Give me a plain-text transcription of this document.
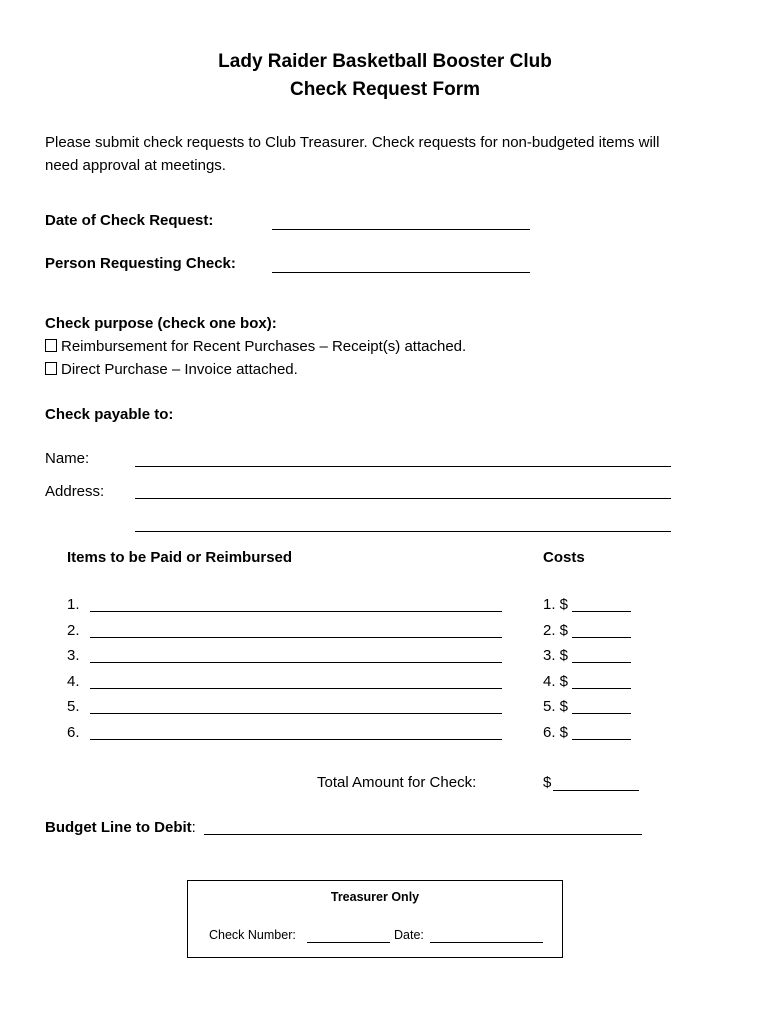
Lady Raider Basketball Booster Club
Check Request Form
Please submit check requests to Club Treasurer. Check requests for non-budgeted items will
need approval at meetings.
Date of Check Request:
Person Requesting Check:
Check purpose (check one box):
Reimbursement for Recent Purchases – Receipt(s) attached.
Direct Purchase – Invoice attached.
Check payable to:
Name:
Address:
Items to be Paid or Reimbursed	Costs
1.	1. $
2.	2. $
3.	3. $
4.	4. $
5.	5. $
6.	6. $
Total Amount for Check:	$
Budget Line to Debit:
Treasurer Only
Check Number:	Date:
